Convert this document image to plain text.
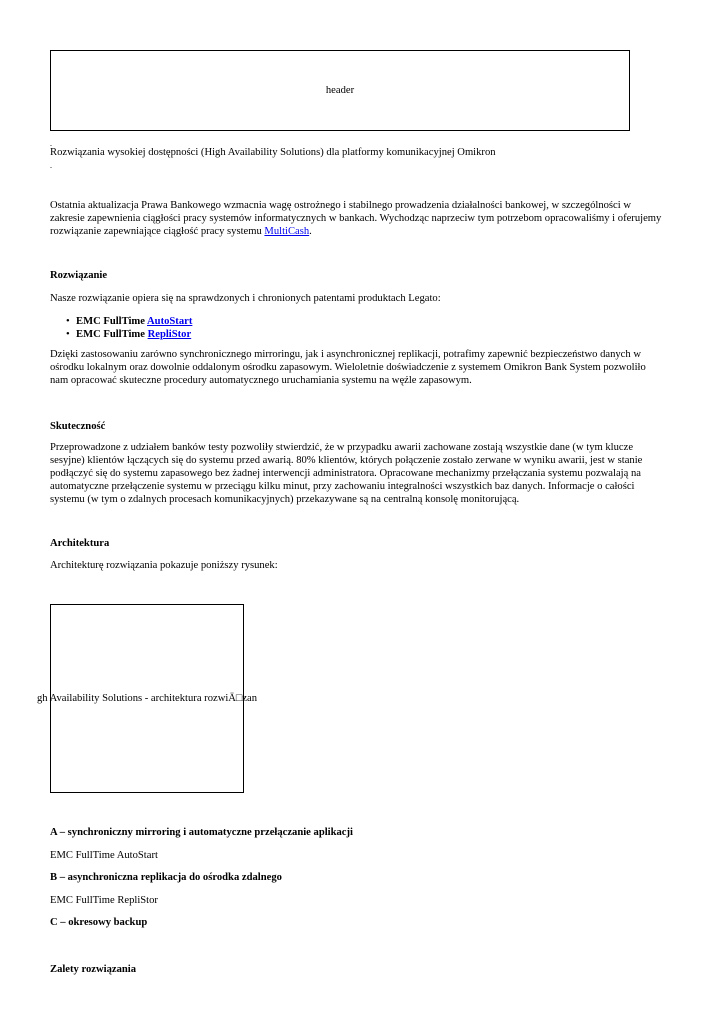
header
.
Rozwiązania wysokiej dostępności (High Availability Solutions) dla platformy komunikacyjnej Omikron
.
Ostatnia aktualizacja Prawa Bankowego wzmacnia wagę ostrożnego i stabilnego prowadzenia działalności bankowej, w szczególności w zakresie zapewnienia ciągłości pracy systemów informatycznych w bankach. Wychodząc naprzeciw tym potrzebom opracowaliśmy i oferujemy rozwiązanie zapewniające ciągłość pracy systemu MultiCash.
Rozwiązanie
Nasze rozwiązanie opiera się na sprawdzonych i chronionych patentami produktach Legato:
• EMC FullTime AutoStart
• EMC FullTime RepliStor
Dzięki zastosowaniu zarówno synchronicznego mirroringu, jak i asynchronicznej replikacji, potrafimy zapewnić bezpieczeństwo danych w ośrodku lokalnym oraz dowolnie oddalonym ośrodku zapasowym. Wieloletnie doświadczenie z systemem Omikron Bank System pozwoliło nam opracować skuteczne procedury automatycznego uruchamiania systemu na węźle zapasowym.
Skuteczność
Przeprowadzone z udziałem banków testy pozwoliły stwierdzić, że w przypadku awarii zachowane zostają wszystkie dane (w tym klucze sesyjne) klientów łączących się do systemu przed awarią. 80% klientów, których połączenie zostało zerwane w wyniku awarii, jest w stanie podłączyć się do systemu zapasowego bez żadnej interwencji administratora. Opracowane mechanizmy przełączania systemu pozwalają na automatyczne przełączenie systemu w przeciągu kilku minut, przy zachowaniu integralności wszystkich baz danych. Informacje o całości systemu (w tym o zdalnych procesach komunikacyjnych) przekazywane są na centralną konsolę monitorującą.
Architektura
Architekturę rozwiązania pokazuje poniższy rysunek:
gh Availability Solutions - architektura rozwiÄ□zan
A – synchroniczny mirroring i automatyczne przełączanie aplikacji
EMC FullTime AutoStart
B – asynchroniczna replikacja do ośrodka zdalnego
EMC FullTime RepliStor
C – okresowy backup
Zalety rozwiązania
